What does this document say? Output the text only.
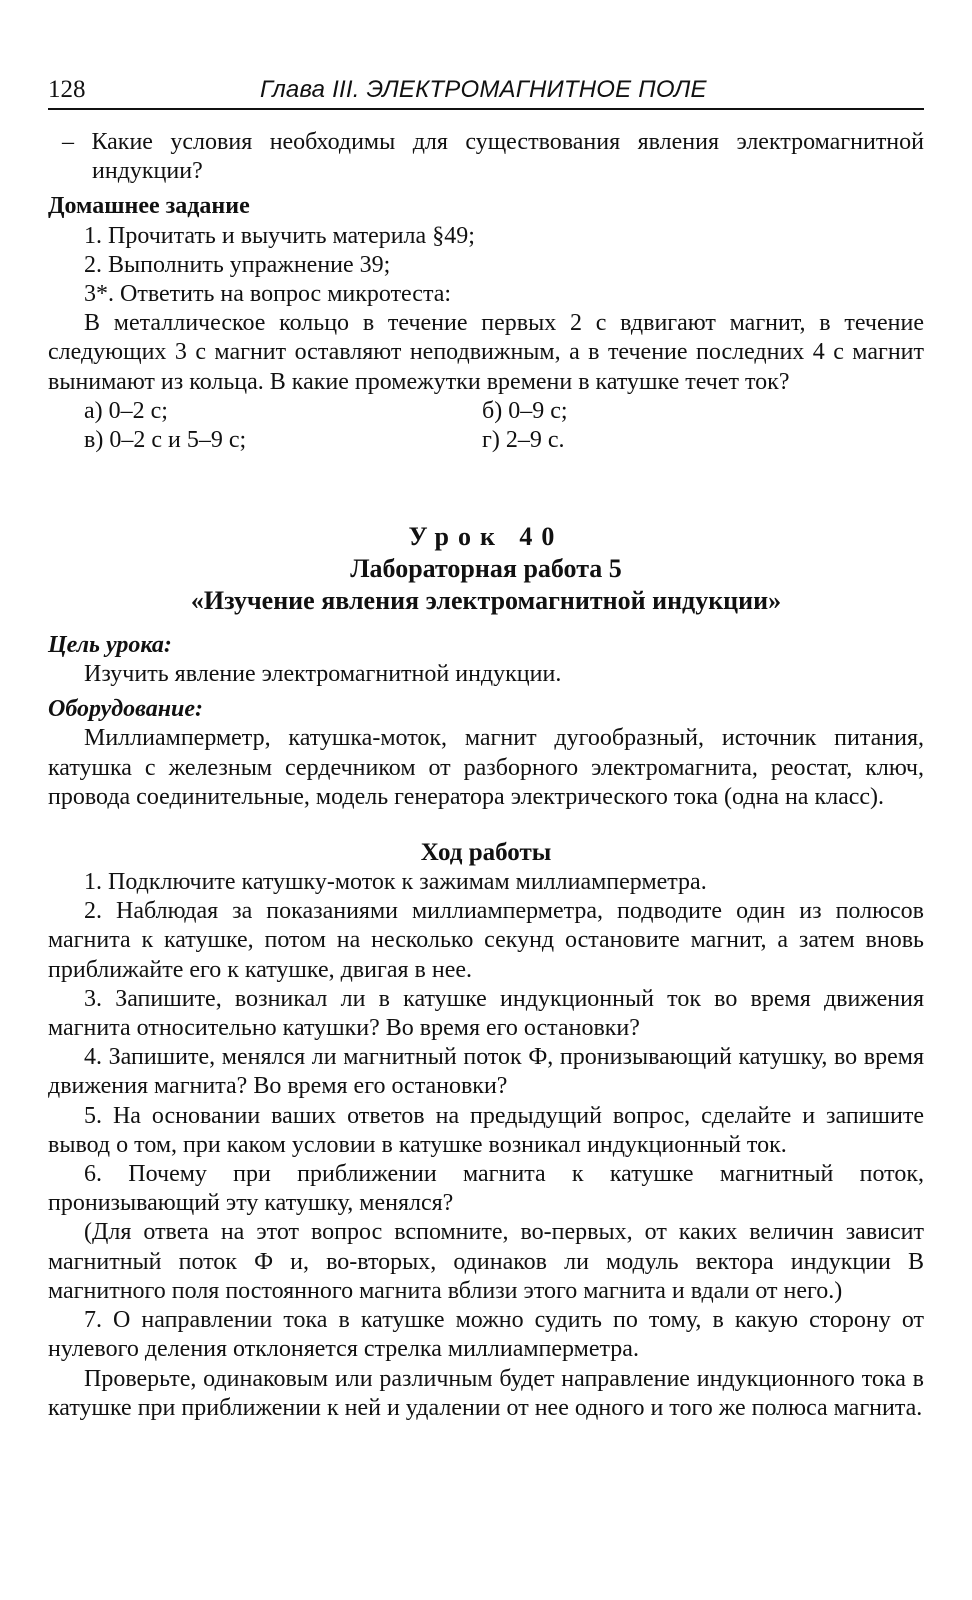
128	Глава III. ЭЛЕКТРОМАГНИТНОЕ ПОЛЕ

– Какие условия необходимы для существования явления электромагнитной индукции?

Домашнее задание

1. Прочитать и выучить материла §49;

2. Выполнить упражнение 39;

3*. Ответить на вопрос микротеста:

В металлическое кольцо в течение первых 2 с вдвигают магнит, в течение следующих 3 с магнит оставляют неподвижным, а в течение последних 4 с магнит вынимают из кольца. В какие промежутки времени в катушке течет ток?

а) 0–2 с;	б) 0–9 с;
в) 0–2 с и 5–9 с;	г) 2–9 с.

Урок 40

Лабораторная работа 5

«Изучение явления электромагнитной индукции»

Цель урока:

Изучить явление электромагнитной индукции.

Оборудование:

Миллиамперметр, катушка-моток, магнит дугообразный, источник питания, катушка с железным сердечником от разборного электромагнита, реостат, ключ, провода соединительные, модель генератора электрического тока (одна на класс).

Ход работы

1. Подключите катушку-моток к зажимам миллиамперметра.

2. Наблюдая за показаниями миллиамперметра, подводите один из полюсов магнита к катушке, потом на несколько секунд остановите магнит, а затем вновь приближайте его к катушке, двигая в нее.

3. Запишите, возникал ли в катушке индукционный ток во время движения магнита относительно катушки? Во время его остановки?

4. Запишите, менялся ли магнитный поток Ф, пронизывающий катушку, во время движения магнита? Во время его остановки?

5. На основании ваших ответов на предыдущий вопрос, сделайте и запишите вывод о том, при каком условии в катушке возникал индукционный ток.

6. Почему при приближении магнита к катушке магнитный поток, пронизывающий эту катушку, менялся?

(Для ответа на этот вопрос вспомните, во-первых, от каких величин зависит магнитный поток Ф и, во-вторых, одинаков ли модуль вектора индукции В магнитного поля постоянного магнита вблизи этого магнита и вдали от него.)

7. О направлении тока в катушке можно судить по тому, в какую сторону от нулевого деления отклоняется стрелка миллиамперметра.

Проверьте, одинаковым или различным будет направление индукционного тока в катушке при приближении к ней и удалении от нее одного и того же полюса магнита.
